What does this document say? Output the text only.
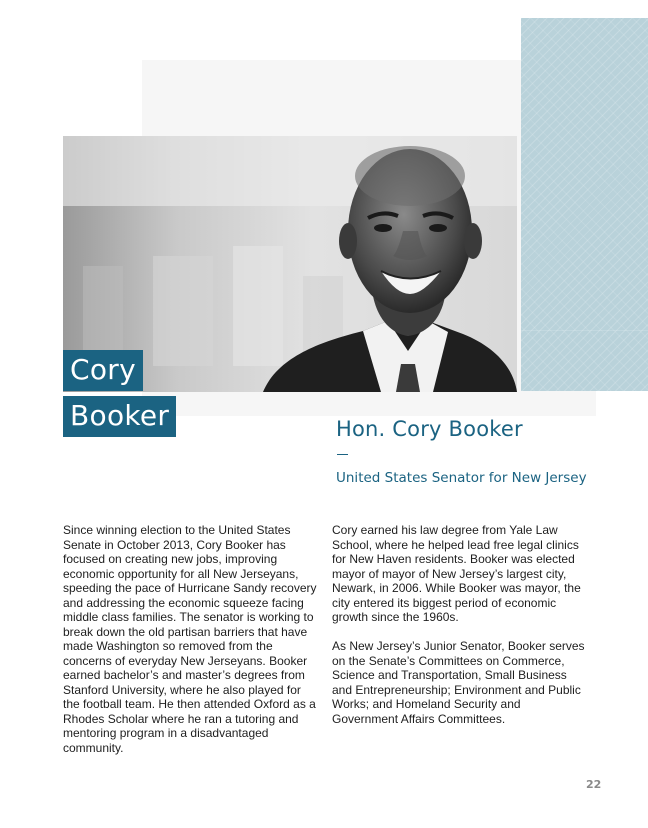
Cory
Booker	Hon. Cory Booker
United States Senator for New Jersey

Since winning election to the United States Senate in October 2013, Cory Booker has focused on creating new jobs, improving economic opportunity for all New Jerseyans, speeding the pace of Hurricane Sandy recovery and addressing the economic squeeze facing middle class families. The senator is working to break down the old partisan barriers that have made Washington so removed from the concerns of everyday New Jerseyans. Booker earned bachelor’s and master’s degrees from Stanford University, where he also played for the football team. He then attended Oxford as a Rhodes Scholar where he ran a tutoring and mentoring program in a disadvantaged community.

Cory earned his law degree from Yale Law School, where he helped lead free legal clinics for New Haven residents. Booker was elected mayor of mayor of New Jersey’s largest city, Newark, in 2006. While Booker was mayor, the city entered its biggest period of economic growth since the 1960s.

As New Jersey’s Junior Senator, Booker serves on the Senate’s Committees on Commerce, Science and Transportation, Small Business and Entrepreneurship; Environment and Public Works; and Homeland Security and Government Affairs Committees.

22
